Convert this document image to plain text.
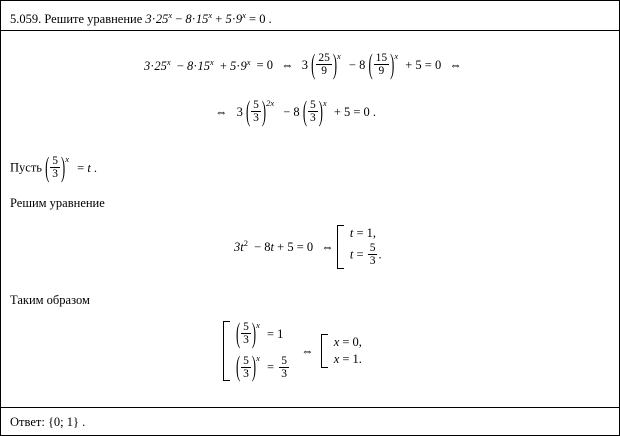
5.059. Решите уравнение $3\cdot 25^x - 8\cdot 15^x + 5\cdot 9^x = 0$ .
$3\cdot 25^x - 8\cdot 15^x + 5\cdot 9^x = 0$ ⇔ 3 ( $\frac{25}{9} )^x - 8$ ( $\frac{15}{9} )^x + 5 = 0$ ⇔
⇔ 3 ( $\frac{5}{3} )^{2x} - 8$ ( $\frac{5}{3} )^x + 5 = 0$ .
Пусть ( $\frac{5}{3} )^x = t$ .
Решим уравнение
$3t^2 - 8t + 5 = 0$ ⇔
t = 1,
$t = \frac{5}{3}$ .
Таким образом
( $\frac{5}{3} )^x = 1$
( $\frac{5}{3} )^x = \frac{5}{3}$
⇔
x = 0,
x = 1.
Ответ: {0; 1} .
